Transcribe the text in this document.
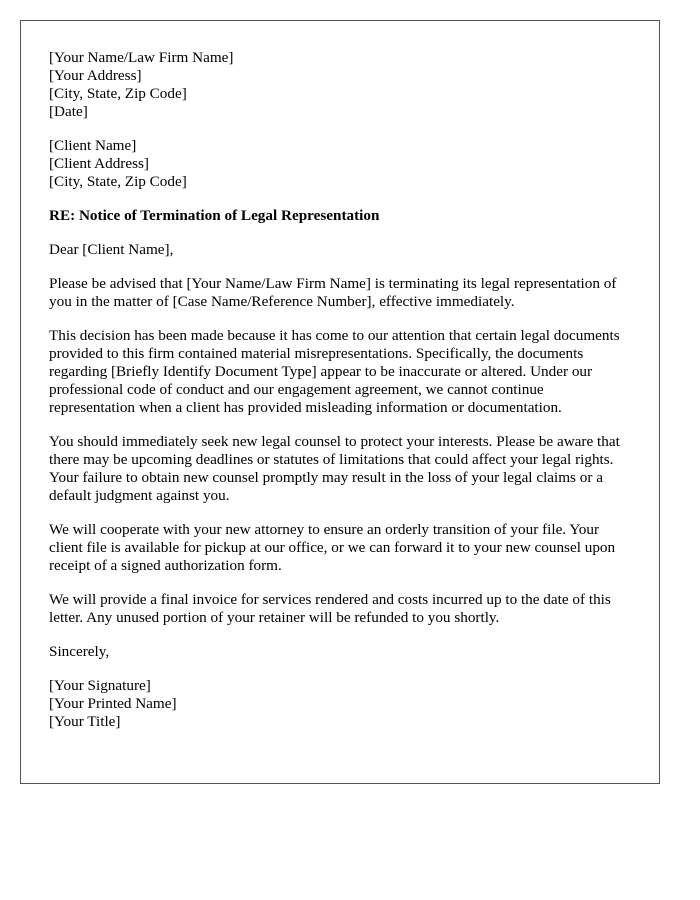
[Your Name/Law Firm Name]
[Your Address]
[City, State, Zip Code]
[Date]
[Client Name]
[Client Address]
[City, State, Zip Code]

RE: Notice of Termination of Legal Representation

Dear [Client Name],

Please be advised that [Your Name/Law Firm Name] is terminating its legal representation of you in the matter of [Case Name/Reference Number], effective immediately.

This decision has been made because it has come to our attention that certain legal documents provided to this firm contained material misrepresentations. Specifically, the documents regarding [Briefly Identify Document Type] appear to be inaccurate or altered. Under our professional code of conduct and our engagement agreement, we cannot continue representation when a client has provided misleading information or documentation.

You should immediately seek new legal counsel to protect your interests. Please be aware that there may be upcoming deadlines or statutes of limitations that could affect your legal rights. Your failure to obtain new counsel promptly may result in the loss of your legal claims or a default judgment against you.

We will cooperate with your new attorney to ensure an orderly transition of your file. Your client file is available for pickup at our office, or we can forward it to your new counsel upon receipt of a signed authorization form.

We will provide a final invoice for services rendered and costs incurred up to the date of this letter. Any unused portion of your retainer will be refunded to you shortly.

Sincerely,

[Your Signature]
[Your Printed Name]
[Your Title]
